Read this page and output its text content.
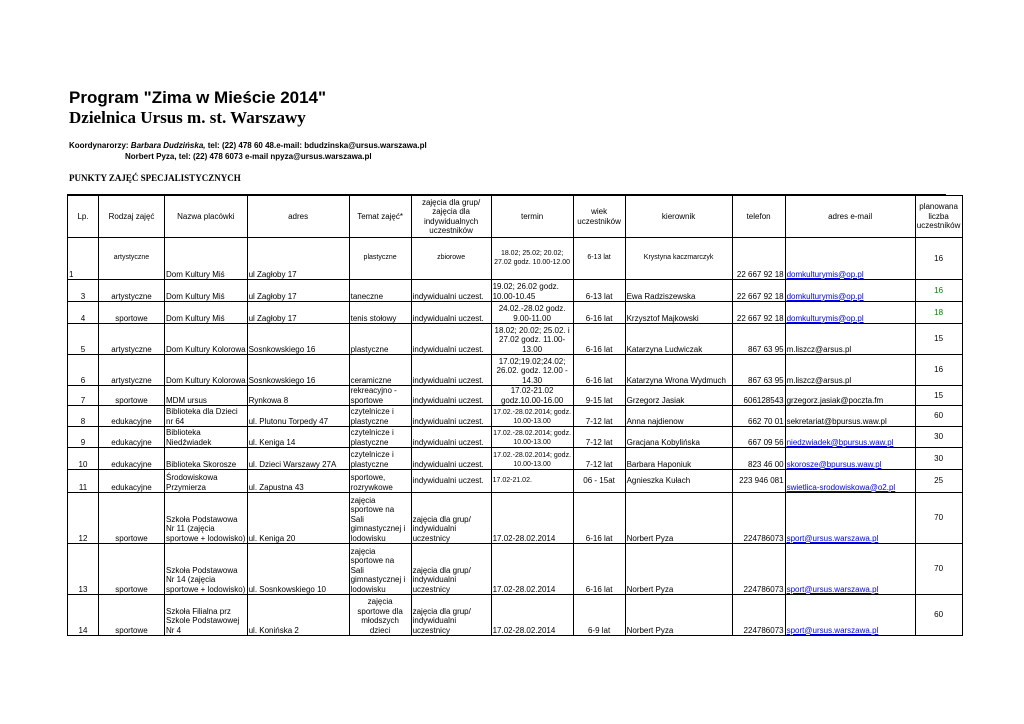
Program "Zima w Mieście 2014"
Dzielnica Ursus m. st. Warszawy
Koordynarorzy: Barbara Dudzińska, tel: (22) 478 60 48.e-mail: bdudzinska@ursus.warszawa.pl
Norbert Pyza, tel: (22) 478 6073 e-mail npyza@ursus.warszawa.pl
PUNKTY ZAJĘĆ SPECJALISTYCZNYCH
Lp.	Rodzaj zajęć	Nazwa placówki	adres	Temat zajęć*	zajęcia dla grup/ zajęcia dla indywidualnych uczestników	termin	wiek uczestników	kierownik	telefon	adres e-mail	planowana liczba uczestników
1	artystyczne	Dom Kultury Miś	ul Zagłoby 17	plastyczne	zbiorowe	18.02; 25.02; 20.02; 27.02 godz. 10.00-12.00	6-13 lat	Krystyna kaczmarczyk	22 667 92 18	domkulturymis@op.pl	16
3	artystyczne	Dom Kultury Miś	ul Zagłoby 17	taneczne	indywidualni uczest.	19.02; 26.02 godz. 10.00-10.45	6-13 lat	Ewa Radziszewska	22 667 92 18	domkulturymis@op.pl	16
4	sportowe	Dom Kultury Miś	ul Zagłoby 17	tenis stołowy	indywidualni uczest.	24.02.-28.02 godz. 9.00-11.00	6-16 lat	Krzysztof Majkowski	22 667 92 18	domkulturymis@op.pl	18
5	artystyczne	Dom Kultury Kolorowa	Sosnkowskiego 16	plastyczne	indywidualni uczest.	18.02; 20.02; 25.02. i 27.02 godz. 11.00-13.00	6-16 lat	Katarzyna Ludwiczak	867 63 95	m.liszcz@arsus.pl	15
6	artystyczne	Dom Kultury Kolorowa	Sosnkowskiego 16	ceramiczne	indywidualni uczest.	17.02;19.02;24.02; 26.02. godz. 12.00 - 14.30	6-16 lat	Katarzyna Wrona Wydmuch	867 63 95	m.liszcz@arsus.pl	16
7	sportowe	MDM ursus	Rynkowa 8	rekreacyjno - sportowe	indywidualni uczest.	17.02-21.02 godz.10.00-16.00	9-15 lat	Grzegorz Jasiak	606128543	grzegorz.jasiak@poczta.fm	15
8	edukacyjne	Biblioteka dla Dzieci nr 64	ul. Plutonu Torpedy 47	czytelnicze i plastyczne	indywidualni uczest.	17.02.-28.02.2014; godz. 10.00-13.00	7-12 lat	Anna najdienow	662 70 01	sekretariat@bpursus.waw.pl	60
9	edukacyjne	Biblioteka Niedźwiadek	ul. Keniga 14	czytelnicze i plastyczne	indywidualni uczest.	17.02.-28.02.2014; godz. 10.00-13.00	7-12 lat	Gracjana Kobylińska	667 09 56	niedzwiadek@bpursus.waw.pl	30
10	edukacyjne	Biblioteka Skorosze	ul. Dzieci Warszawy 27A	czytelnicze i plastyczne	indywidualni uczest.	17.02.-28.02.2014; godz. 10.00-13.00	7-12 lat	Barbara Haponiuk	823 46 00	skorosze@bpursus.waw.pl	30
11	edukacyjne	Środowiskowa Przymierza	ul. Zapustna 43	sportowe, rozrywkowe	indywidualni uczest.	17.02-21.02.	06 - 15at	Agnieszka Kułach	223 946 081	swietlica-srodowiskowa@o2.pl	25
12	sportowe	Szkoła Podstawowa Nr 11 (zajęcia sportowe + lodowisko)	ul. Keniga 20	zajęcia sportowe na Sali gimnastycznej i lodowisku	zajęcia dla grup/ indywidualni uczestnicy	17.02-28.02.2014	6-16 lat	Norbert Pyza	224786073	sport@ursus.warszawa.pl	70
13	sportowe	Szkoła Podstawowa Nr 14 (zajęcia sportowe + lodowisko)	ul. Sosnkowskiego 10	zajęcia sportowe na Sali gimnastycznej i lodowisku	zajęcia dla grup/ indywidualni uczestnicy	17.02-28.02.2014	6-16 lat	Norbert Pyza	224786073	sport@ursus.warszawa.pl	70
14	sportowe	Szkoła Filialna prz Szkole Podstawowej Nr 4	ul. Konińska 2	zajęcia sportowe dla młodszych dzieci	zajęcia dla grup/ indywidualni uczestnicy	17.02-28.02.2014	6-9 lat	Norbert Pyza	224786073	sport@ursus.warszawa.pl	60
